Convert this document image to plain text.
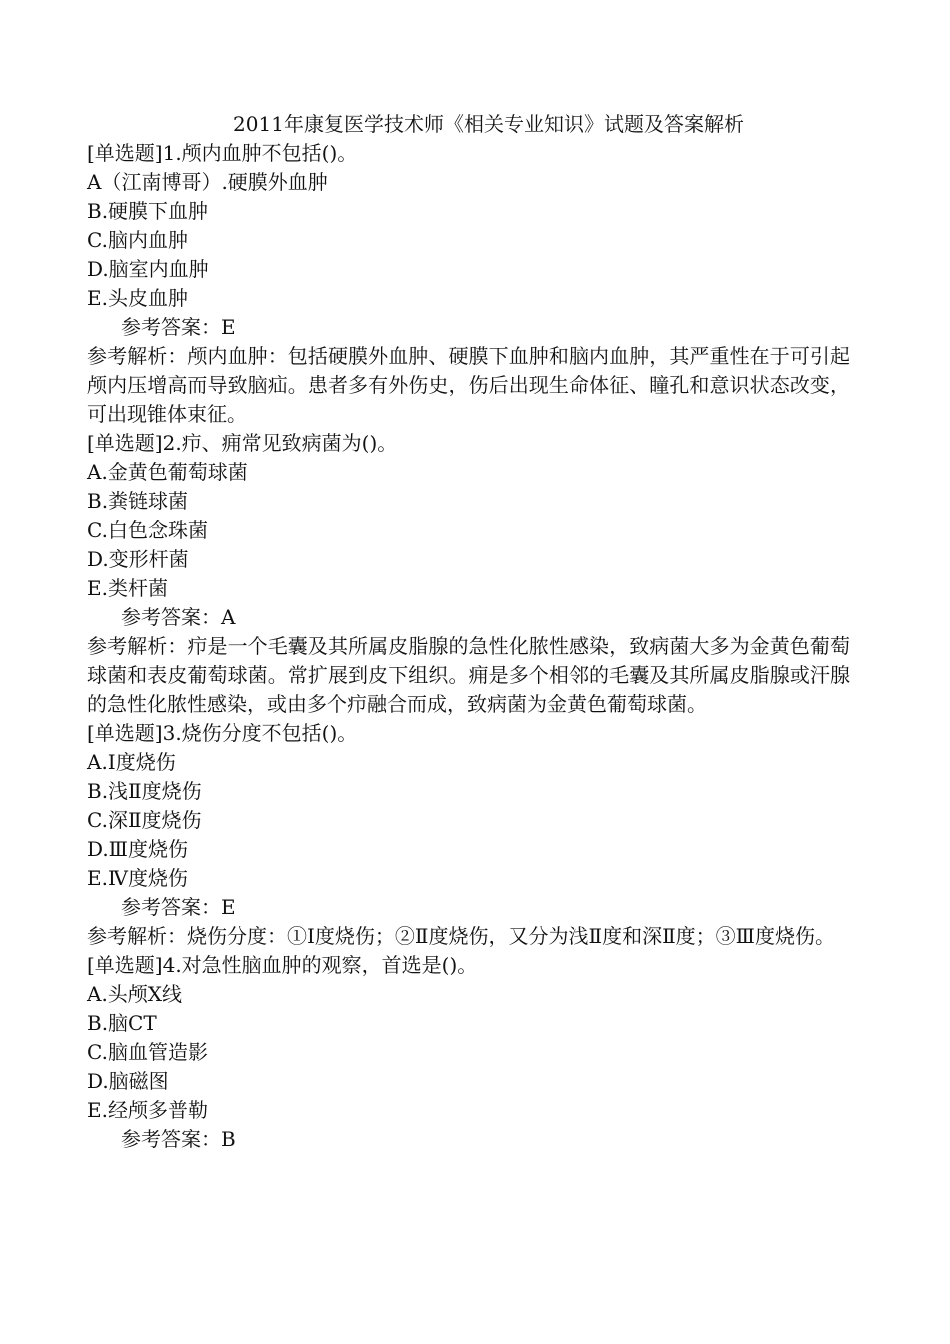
2011年康复医学技术师《相关专业知识》试题及答案解析

[单选题]1.颅内血肿不包括()。

A（江南博哥）.硬膜外血肿

B.硬膜下血肿

C.脑内血肿

D.脑室内血肿

E.头皮血肿

参考答案：E

参考解析：颅内血肿：包括硬膜外血肿、硬膜下血肿和脑内血肿，其严重性在于可引起颅内压增高而导致脑疝。患者多有外伤史，伤后出现生命体征、瞳孔和意识状态改变，可出现锥体束征。

[单选题]2.疖、痈常见致病菌为()。

A.金黄色葡萄球菌

B.粪链球菌

C.白色念珠菌

D.变形杆菌

E.类杆菌

参考答案：A

参考解析：疖是一个毛囊及其所属皮脂腺的急性化脓性感染，致病菌大多为金黄色葡萄球菌和表皮葡萄球菌。常扩展到皮下组织。痈是多个相邻的毛囊及其所属皮脂腺或汗腺的急性化脓性感染，或由多个疖融合而成，致病菌为金黄色葡萄球菌。

[单选题]3.烧伤分度不包括()。

A.Ⅰ度烧伤

B.浅Ⅱ度烧伤

C.深Ⅱ度烧伤

D.Ⅲ度烧伤

E.Ⅳ度烧伤

参考答案：E

参考解析：烧伤分度：①Ⅰ度烧伤；②Ⅱ度烧伤，又分为浅Ⅱ度和深Ⅱ度；③Ⅲ度烧伤。

[单选题]4.对急性脑血肿的观察，首选是()。

A.头颅X线

B.脑CT

C.脑血管造影

D.脑磁图

E.经颅多普勒

参考答案：B
